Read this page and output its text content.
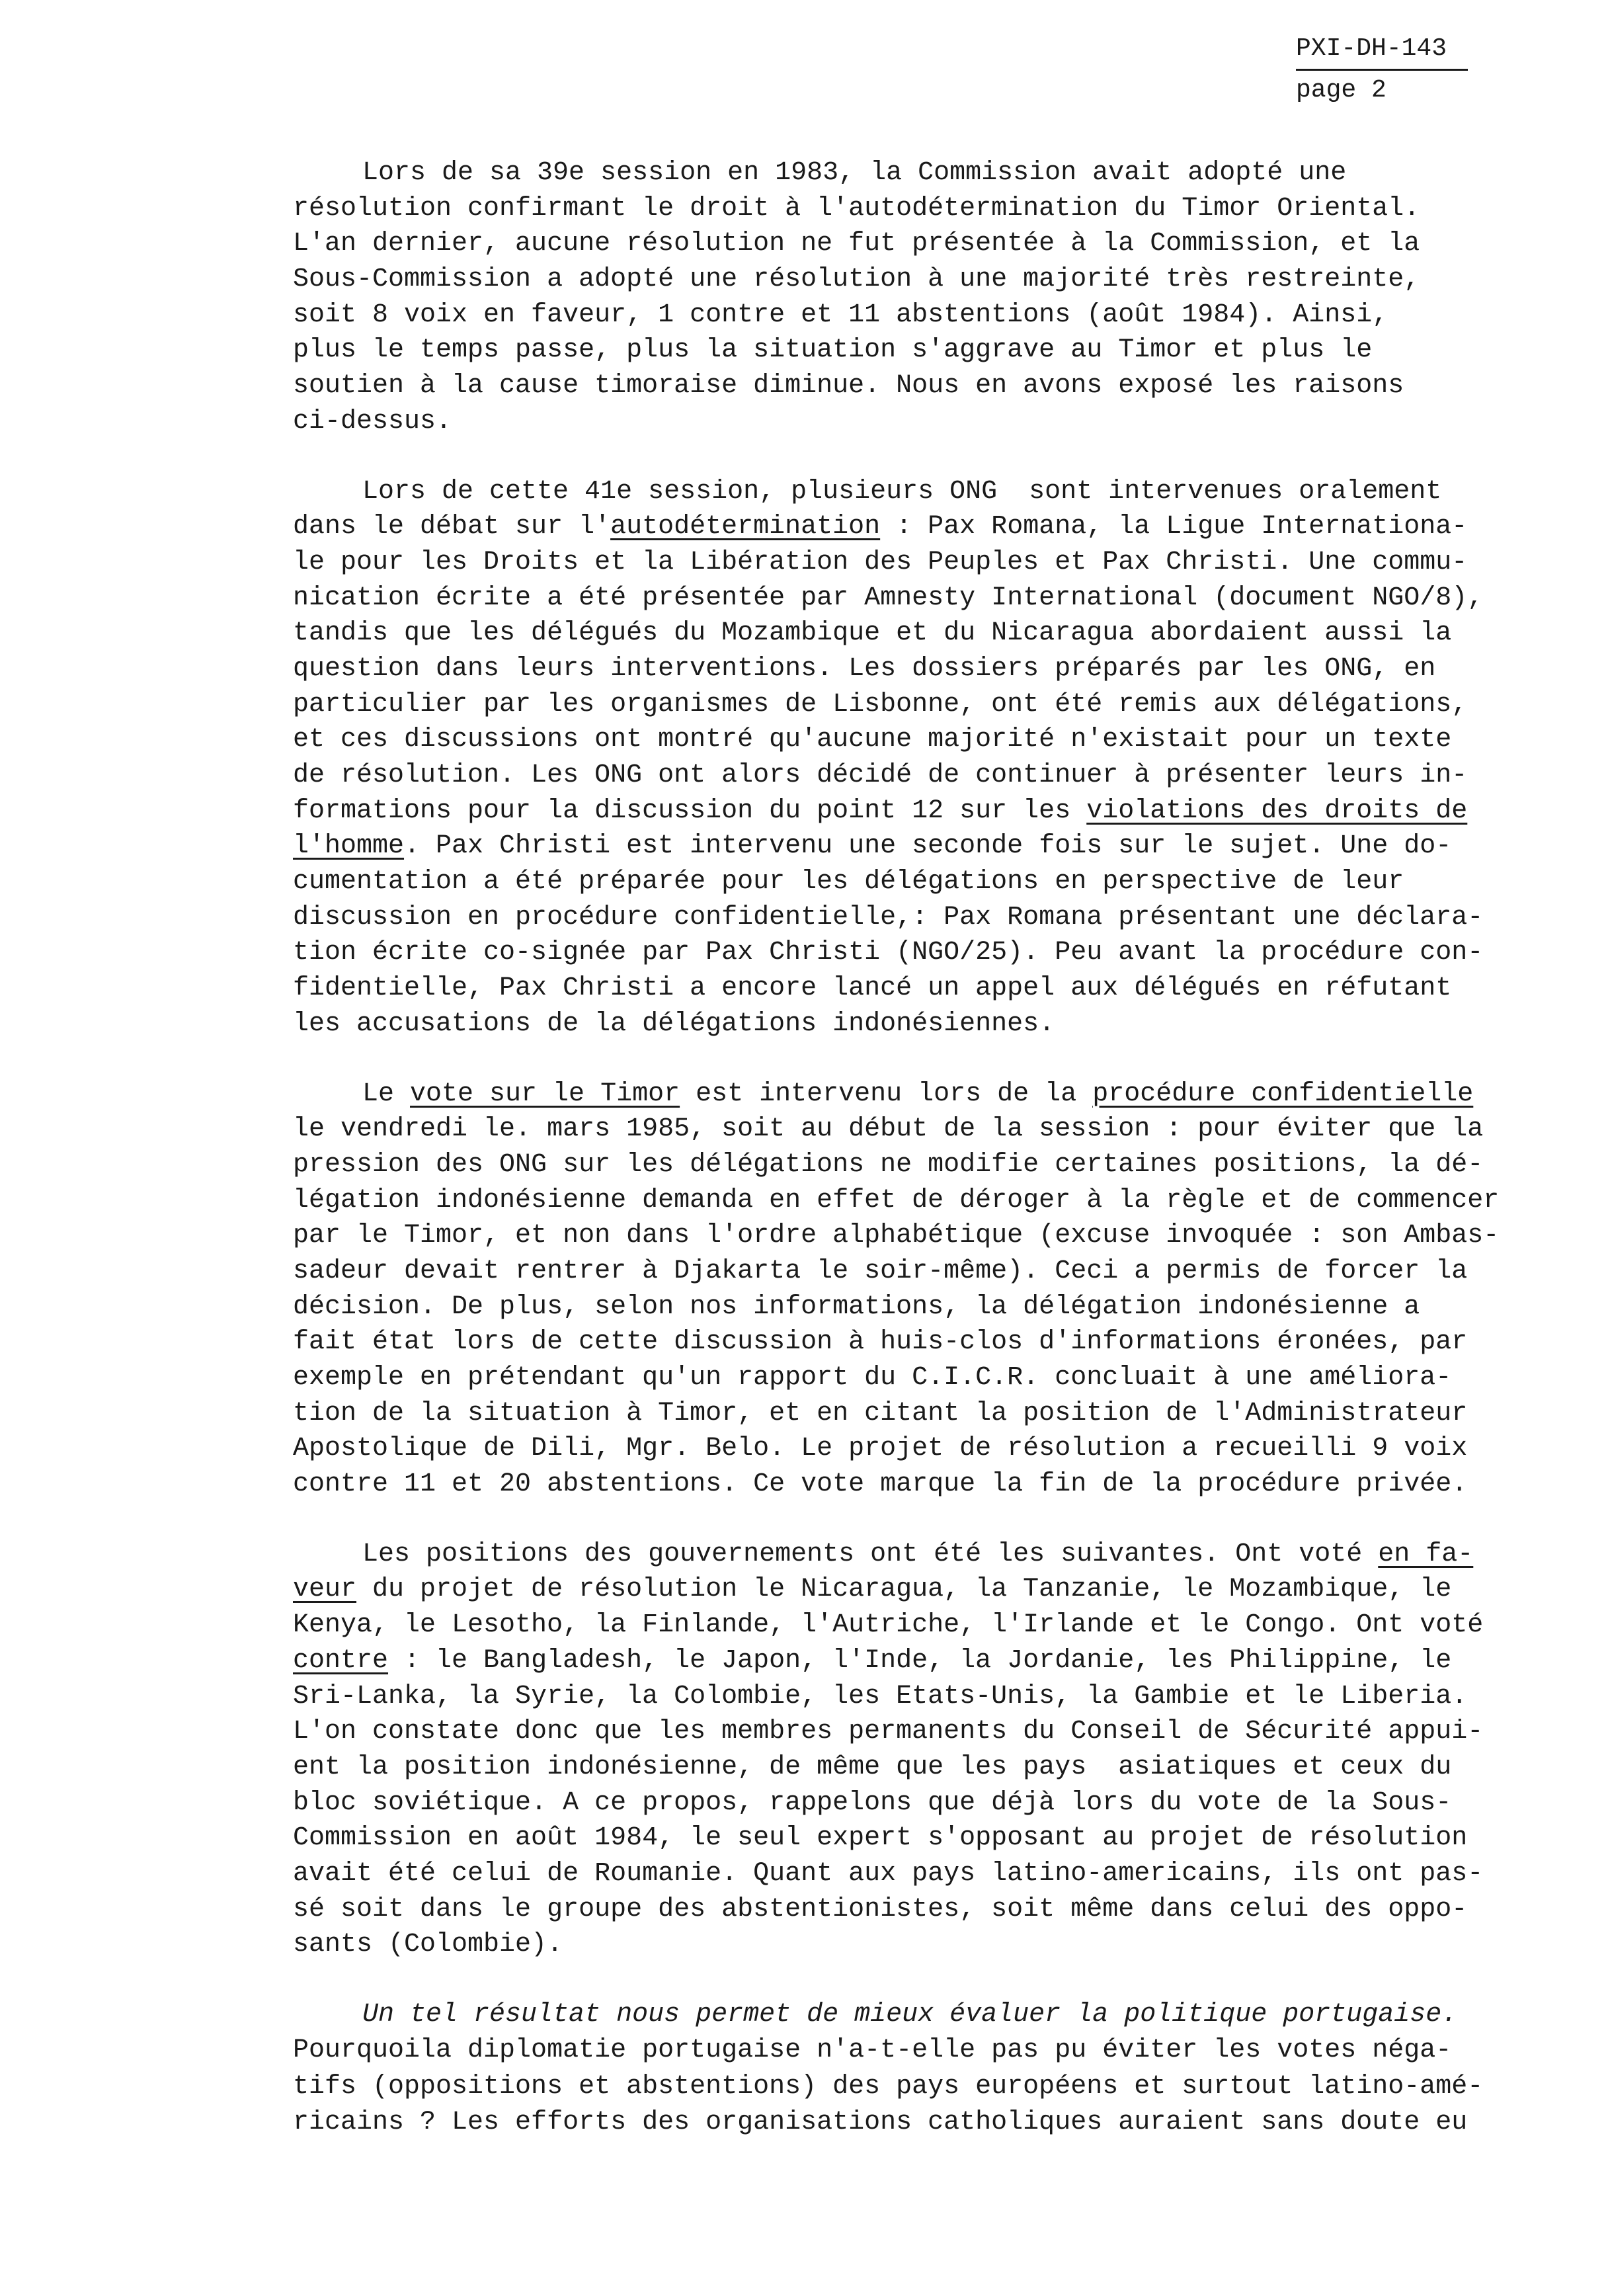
PXI-DH-143
page 2
Lors de sa 39e session en 1983, la Commission avait adopté une
résolution confirmant le droit à l'autodétermination du Timor Oriental.
L'an dernier, aucune résolution ne fut présentée à la Commission, et la
Sous-Commission a adopté une résolution à une majorité très restreinte,
soit 8 voix en faveur, 1 contre et 11 abstentions (août 1984). Ainsi,
plus le temps passe, plus la situation s'aggrave au Timor et plus le
soutien à la cause timoraise diminue. Nous en avons exposé les raisons
ci-dessus.
Lors de cette 41e session, plusieurs ONG  sont intervenues oralement
dans le débat sur l'autodétermination : Pax Romana, la Ligue Internationa-
le pour les Droits et la Libération des Peuples et Pax Christi. Une commu-
nication écrite a été présentée par Amnesty International (document NGO/8),
tandis que les délégués du Mozambique et du Nicaragua abordaient aussi la
question dans leurs interventions. Les dossiers préparés par les ONG, en
particulier par les organismes de Lisbonne, ont été remis aux délégations,
et ces discussions ont montré qu'aucune majorité n'existait pour un texte
de résolution. Les ONG ont alors décidé de continuer à présenter leurs in-
formations pour la discussion du point 12 sur les violations des droits de
l'homme. Pax Christi est intervenu une seconde fois sur le sujet. Une do-
cumentation a été préparée pour les délégations en perspective de leur
discussion en procédure confidentielle,: Pax Romana présentant une déclara-
tion écrite co-signée par Pax Christi (NGO/25). Peu avant la procédure con-
fidentielle, Pax Christi a encore lancé un appel aux délégués en réfutant
les accusations de la délégations indonésiennes.
Le vote sur le Timor est intervenu lors de la procédure confidentielle
le vendredi le. mars 1985, soit au début de la session : pour éviter que la
pression des ONG sur les délégations ne modifie certaines positions, la dé-
légation indonésienne demanda en effet de déroger à la règle et de commencer
par le Timor, et non dans l'ordre alphabétique (excuse invoquée : son Ambas-
sadeur devait rentrer à Djakarta le soir-même). Ceci a permis de forcer la
décision. De plus, selon nos informations, la délégation indonésienne a
fait état lors de cette discussion à huis-clos d'informations éronées, par
exemple en prétendant qu'un rapport du C.I.C.R. concluait à une améliora-
tion de la situation à Timor, et en citant la position de l'Administrateur
Apostolique de Dili, Mgr. Belo. Le projet de résolution a recueilli 9 voix
contre 11 et 20 abstentions. Ce vote marque la fin de la procédure privée.
Les positions des gouvernements ont été les suivantes. Ont voté en fa-
veur du projet de résolution le Nicaragua, la Tanzanie, le Mozambique, le
Kenya, le Lesotho, la Finlande, l'Autriche, l'Irlande et le Congo. Ont voté
contre : le Bangladesh, le Japon, l'Inde, la Jordanie, les Philippine, le
Sri-Lanka, la Syrie, la Colombie, les Etats-Unis, la Gambie et le Liberia.
L'on constate donc que les membres permanents du Conseil de Sécurité appui-
ent la position indonésienne, de même que les pays  asiatiques et ceux du
bloc soviétique. A ce propos, rappelons que déjà lors du vote de la Sous-
Commission en août 1984, le seul expert s'opposant au projet de résolution
avait été celui de Roumanie. Quant aux pays latino-americains, ils ont pas-
sé soit dans le groupe des abstentionistes, soit même dans celui des oppo-
sants (Colombie).
Un tel résultat nous permet de mieux évaluer la politique portugaise.
Pourquoila diplomatie portugaise n'a-t-elle pas pu éviter les votes néga-
tifs (oppositions et abstentions) des pays européens et surtout latino-amé-
ricains ? Les efforts des organisations catholiques auraient sans doute eu
